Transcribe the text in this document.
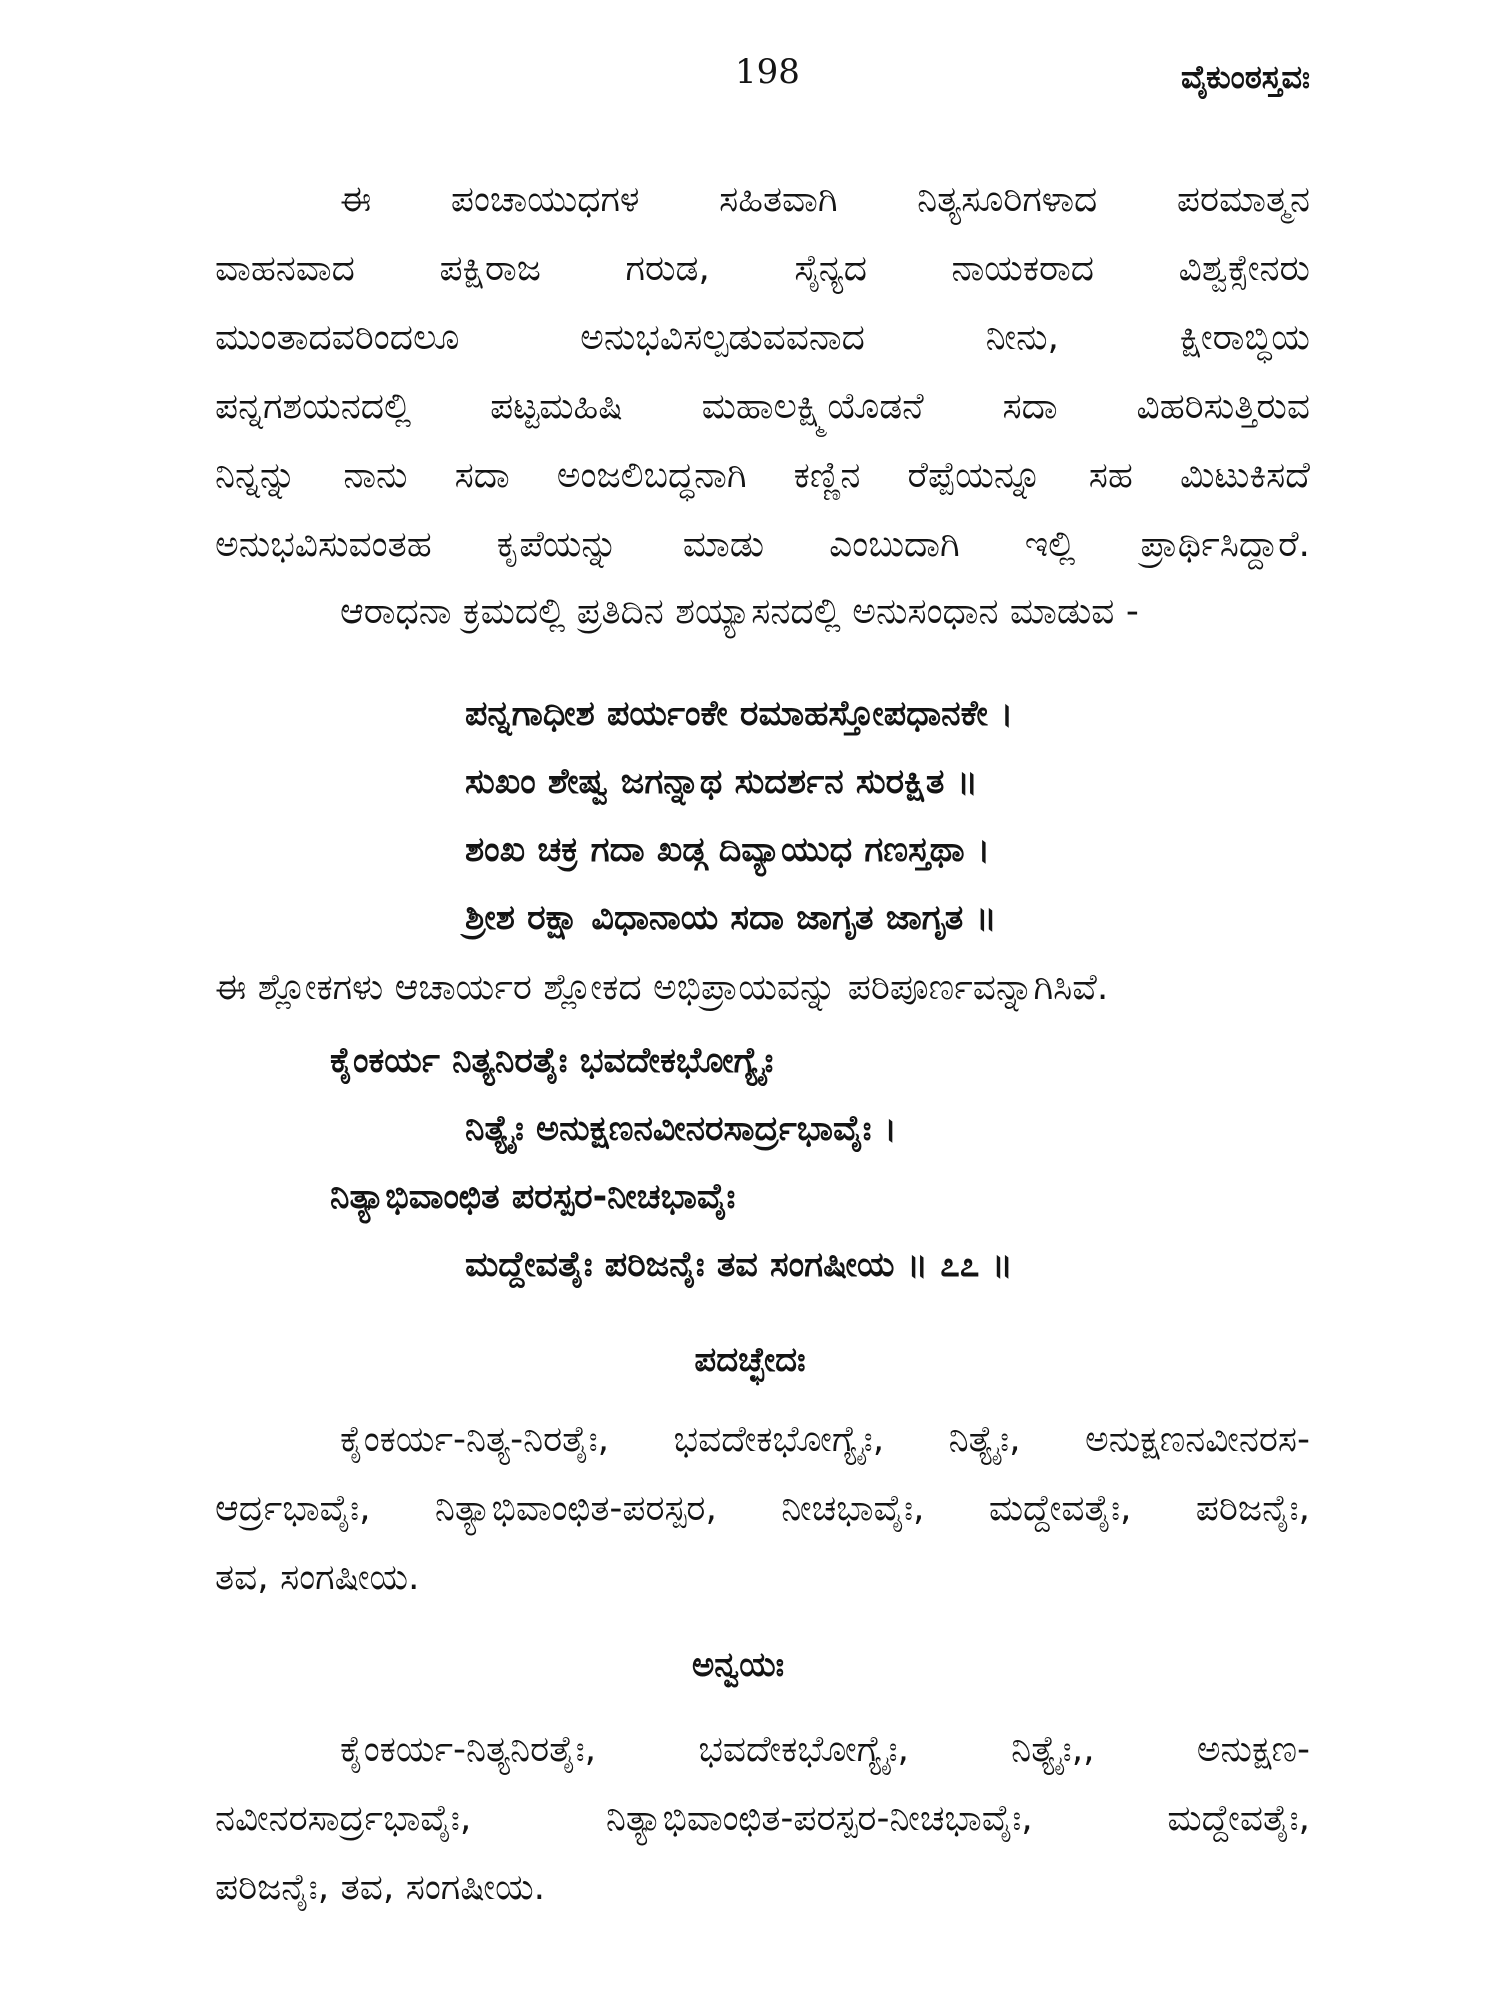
198	ವೈಕುಂಠಸ್ತವಃ

ಈ ಪಂಚಾಯುಧಗಳ ಸಹಿತವಾಗಿ ನಿತ್ಯಸೂರಿಗಳಾದ ಪರಮಾತ್ಮನ

ವಾಹನವಾದ ಪಕ್ಷಿರಾಜ ಗರುಡ, ಸೈನ್ಯದ ನಾಯಕರಾದ ವಿಶ್ವಕ್ಸೇನರು

ಮುಂತಾದವರಿಂದಲೂ ಅನುಭವಿಸಲ್ಪಡುವವನಾದ ನೀನು, ಕ್ಷೀರಾಬ್ಧಿಯ

ಪನ್ನಗಶಯನದಲ್ಲಿ ಪಟ್ಟಮಹಿಷಿ ಮಹಾಲಕ್ಷ್ಮಿಯೊಡನೆ ಸದಾ ವಿಹರಿಸುತ್ತಿರುವ

ನಿನ್ನನ್ನು ನಾನು ಸದಾ ಅಂಜಲಿಬದ್ಧನಾಗಿ ಕಣ್ಣಿನ ರೆಪ್ಪೆಯನ್ನೂ ಸಹ ಮಿಟುಕಿಸದೆ

ಅನುಭವಿಸುವಂತಹ ಕೃಪೆಯನ್ನು ಮಾಡು ಎಂಬುದಾಗಿ ಇಲ್ಲಿ ಪ್ರಾರ್ಥಿಸಿದ್ದಾರೆ.

ಆರಾಧನಾ ಕ್ರಮದಲ್ಲಿ ಪ್ರತಿದಿನ ಶಯ್ಯಾಸನದಲ್ಲಿ ಅನುಸಂಧಾನ ಮಾಡುವ -

ಪನ್ನಗಾಧೀಶ ಪರ್ಯಂಕೇ ರಮಾಹಸ್ತೋಪಧಾನಕೇ ।

ಸುಖಂ ಶೇಷ್ವ ಜಗನ್ನಾಥ ಸುದರ್ಶನ ಸುರಕ್ಷಿತ ॥

ಶಂಖ ಚಕ್ರ ಗದಾ ಖಡ್ಗ ದಿವ್ಯಾಯುಧ ಗಣಸ್ತಥಾ ।

ಶ್ರೀಶ ರಕ್ಷಾ ವಿಧಾನಾಯ ಸದಾ ಜಾಗೃತ ಜಾಗೃತ ॥

ಈ ಶ್ಲೋಕಗಳು ಆಚಾರ್ಯರ ಶ್ಲೋಕದ ಅಭಿಪ್ರಾಯವನ್ನು ಪರಿಪೂರ್ಣವನ್ನಾಗಿಸಿವೆ.

ಕೈಂಕರ್ಯ ನಿತ್ಯನಿರತೈಃ ಭವದೇಕಭೋಗ್ಯೈಃ

ನಿತ್ಯೈಃ ಅನುಕ್ಷಣನವೀನರಸಾರ್ದ್ರಭಾವೈಃ ।

ನಿತ್ಯಾಭಿವಾಂಛಿತ ಪರಸ್ಪರ-ನೀಚಭಾವೈಃ

ಮದ್ದೇವತೈಃ ಪರಿಜನೈಃ ತವ ಸಂಗಷೀಯ ॥ ೭೭ ॥

ಪದಚ್ಛೇದಃ

ಕೈಂಕರ್ಯ-ನಿತ್ಯ-ನಿರತೈಃ, ಭವದೇಕಭೋಗ್ಯೈಃ, ನಿತ್ಯೈಃ, ಅನುಕ್ಷಣನವೀನರಸ-

ಆರ್ದ್ರಭಾವೈಃ, ನಿತ್ಯಾಭಿವಾಂಛಿತ-ಪರಸ್ಪರ, ನೀಚಭಾವೈಃ, ಮದ್ದೇವತೈಃ, ಪರಿಜನೈಃ,

ತವ, ಸಂಗಷೀಯ.

ಅನ್ವಯಃ

ಕೈಂಕರ್ಯ-ನಿತ್ಯನಿರತೈಃ, ಭವದೇಕಭೋಗ್ಯೈಃ, ನಿತ್ಯೈಃ,, ಅನುಕ್ಷಣ-

ನವೀನರಸಾರ್ದ್ರಭಾವೈಃ, ನಿತ್ಯಾಭಿವಾಂಛಿತ-ಪರಸ್ಪರ-ನೀಚಭಾವೈಃ, ಮದ್ದೇವತೈಃ,

ಪರಿಜನೈಃ, ತವ, ಸಂಗಷೀಯ.
